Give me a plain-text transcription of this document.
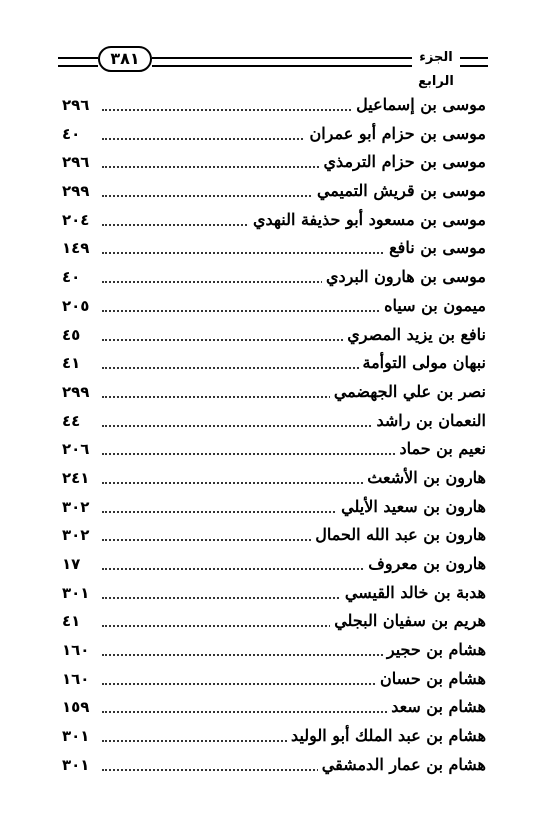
٣٨١	الجزء الرابع
موسى بن إسماعيل
٢٩٦
موسى بن حزام أبو عمران
٤٠
موسى بن حزام الترمذي
٢٩٦
موسى بن قريش التميمي
٢٩٩
موسى بن مسعود أبو حذيفة النهدي
٢٠٤
موسى بن نافع
١٤٩
موسى بن هارون البردي
٤٠
ميمون بن سياه
٢٠٥
نافع بن يزيد المصري
٤٥
نبهان مولى التوأمة
٤١
نصر بن علي الجهضمي
٢٩٩
النعمان بن راشد
٤٤
نعيم بن حماد
٢٠٦
هارون بن الأشعث
٢٤١
هارون بن سعيد الأيلي
٣٠٢
هارون بن عبد الله الحمال
٣٠٢
هارون بن معروف
١٧
هدبة بن خالد القيسي
٣٠١
هريم بن سفيان البجلي
٤١
هشام بن حجير
١٦٠
هشام بن حسان
١٦٠
هشام بن سعد
١٥٩
هشام بن عبد الملك أبو الوليد
٣٠١
هشام بن عمار الدمشقي
٣٠١
